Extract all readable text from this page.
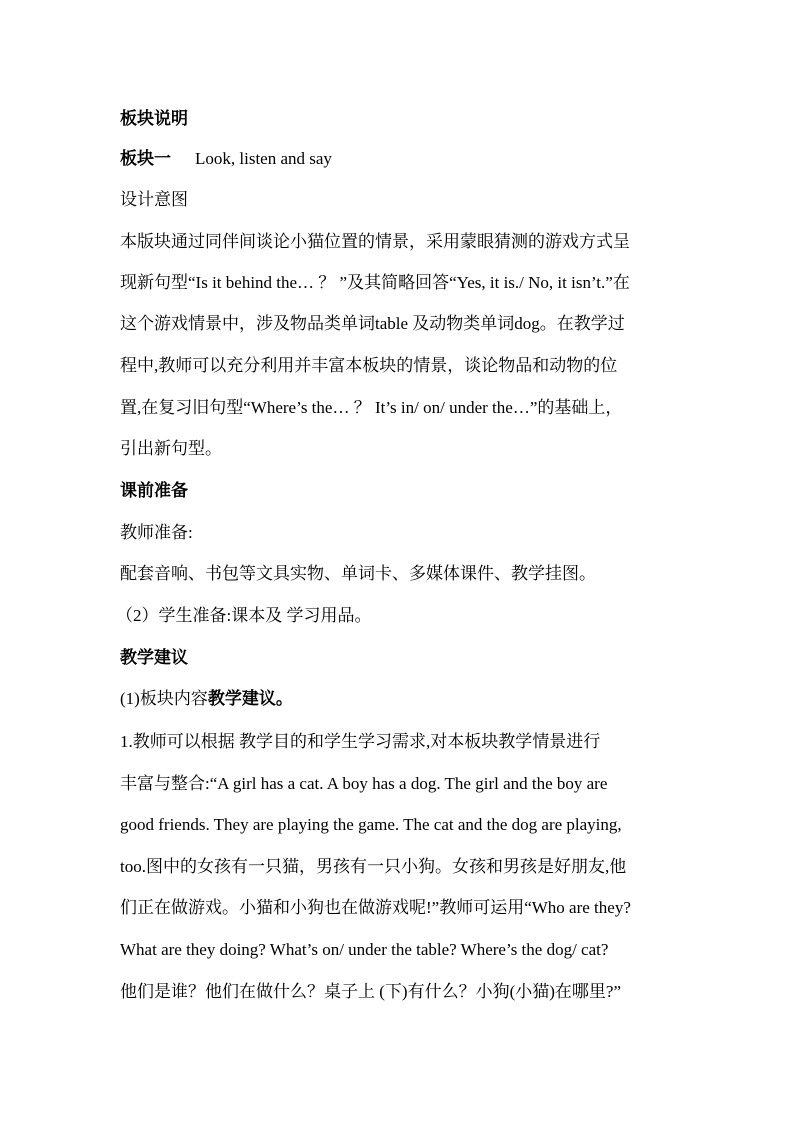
板块说明
板块一 Look, listen and say
设计意图
本版块通过同伴间谈论小猫位置的情景，采用蒙眼猜测的游戏方式呈
现新句型“Is it behind the… ？ ”及其简略回答“Yes, it is./ No, it isn’t.”在
这个游戏情景中，涉及物品类单词table 及动物类单词dog。在教学过
程中,教师可以充分利用并丰富本板块的情景，谈论物品和动物的位
置,在复习旧句型“Where’s the… ？ It’s in/ on/ under the…”的基础上，
引出新句型。
课前准备
教师准备:
配套音响、书包等文具实物、单词卡、多媒体课件、教学挂图。
（2）学生准备:课本及 学习用品。
教学建议
(1)板块内容教学建议。
1.教师可以根据 教学目的和学生学习需求,对本板块教学情景进行
丰富与整合:“A girl has a cat. A boy has a dog. The girl and the boy are
good friends. They are playing the game. The cat and the dog are playing,
too.图中的女孩有一只猫，男孩有一只小狗。女孩和男孩是好朋友,他
们正在做游戏。小猫和小狗也在做游戏呢!”教师可运用“Who are they?
What are they doing? What’s on/ under the table? Where’s the dog/ cat?
他们是谁？他们在做什么？桌子上 (下)有什么？小狗(小猫)在哪里?”
